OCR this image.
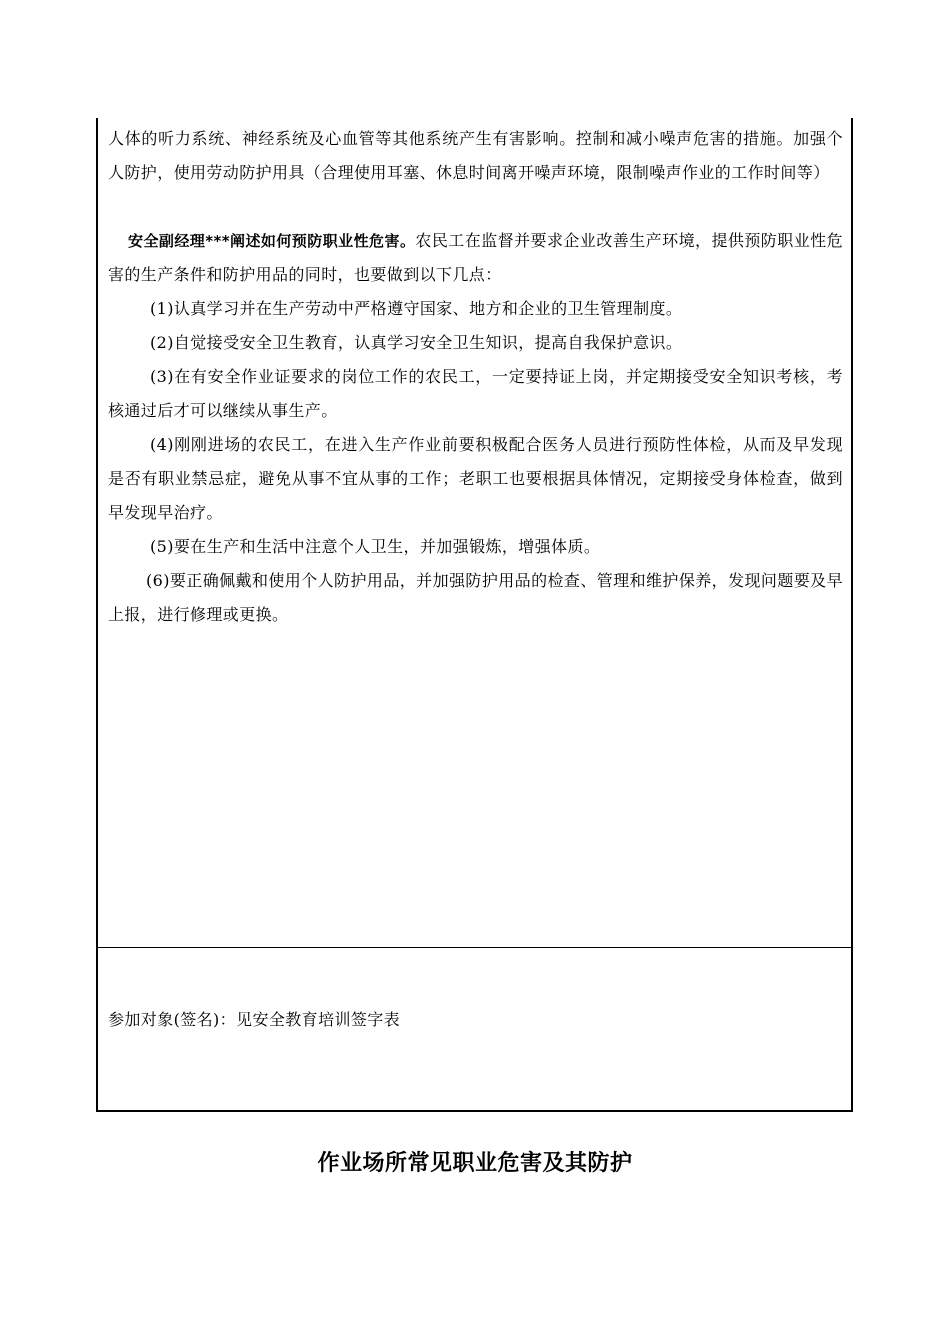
人体的听力系统、神经系统及心血管等其他系统产生有害影响。控制和减小噪声危害的措施。加强个人防护，使用劳动防护用具（合理使用耳塞、休息时间离开噪声环境，限制噪声作业的工作时间等）

安全副经理***阐述如何预防职业性危害。农民工在监督并要求企业改善生产环境，提供预防职业性危害的生产条件和防护用品的同时，也要做到以下几点：

(1)认真学习并在生产劳动中严格遵守国家、地方和企业的卫生管理制度。

(2)自觉接受安全卫生教育，认真学习安全卫生知识，提高自我保护意识。

(3)在有安全作业证要求的岗位工作的农民工，一定要持证上岗，并定期接受安全知识考核，考核通过后才可以继续从事生产。

(4)刚刚进场的农民工，在进入生产作业前要积极配合医务人员进行预防性体检，从而及早发现是否有职业禁忌症，避免从事不宜从事的工作；老职工也要根据具体情况，定期接受身体检查，做到早发现早治疗。

(5)要在生产和生活中注意个人卫生，并加强锻炼，增强体质。

(6)要正确佩戴和使用个人防护用品，并加强防护用品的检查、管理和维护保养，发现问题要及早上报，进行修理或更换。

参加对象(签名)：见安全教育培训签字表
作业场所常见职业危害及其防护
